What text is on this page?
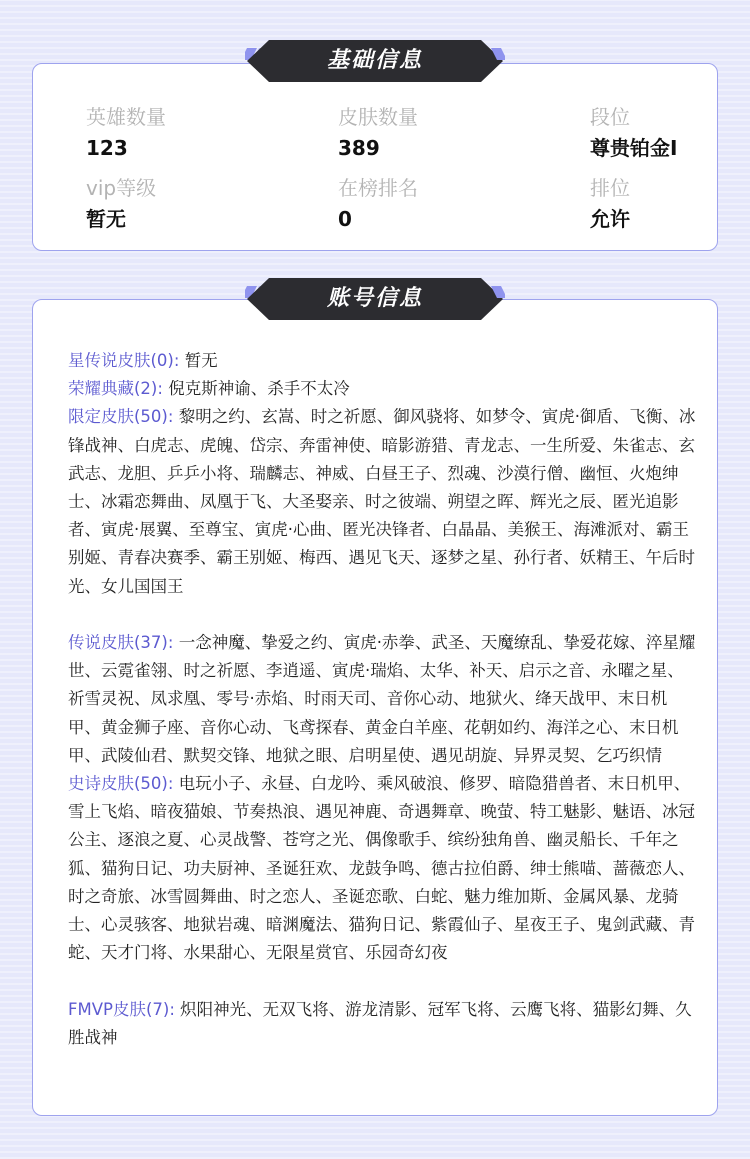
基础信息
英雄数量
123
皮肤数量
389
段位
尊贵铂金I
vip等级
暂无
在榜排名
0
排位
允许
账号信息
星传说皮肤(0): 暂无
荣耀典藏(2): 倪克斯神谕、杀手不太冷
限定皮肤(50): 黎明之约、玄嵩、时之祈愿、御风骁将、如梦令、寅虎·御盾、飞衡、冰锋战神、白虎志、虎魄、岱宗、奔雷神使、暗影游猎、青龙志、一生所爱、朱雀志、玄武志、龙胆、乒乒小将、瑞麟志、神威、白昼王子、烈魂、沙漠行僧、幽恒、火炮绅士、冰霜恋舞曲、凤凰于飞、大圣娶亲、时之彼端、朔望之晖、辉光之辰、匿光追影者、寅虎·展翼、至尊宝、寅虎·心曲、匿光决锋者、白晶晶、美猴王、海滩派对、霸王别姬、青春决赛季、霸王别姬、梅西、遇见飞天、逐梦之星、孙行者、妖精王、午后时光、女儿国国王
传说皮肤(37): 一念神魔、挚爱之约、寅虎·赤拳、武圣、天魔缭乱、挚爱花嫁、淬星耀世、云霓雀翎、时之祈愿、李逍遥、寅虎·瑞焰、太华、补天、启示之音、永曜之星、祈雪灵祝、凤求凰、零号·赤焰、时雨天司、音你心动、地狱火、绛天战甲、末日机甲、黄金狮子座、音你心动、飞鸢探春、黄金白羊座、花朝如约、海洋之心、末日机甲、武陵仙君、默契交锋、地狱之眼、启明星使、遇见胡旋、异界灵契、乞巧织情
史诗皮肤(50): 电玩小子、永昼、白龙吟、乘风破浪、修罗、暗隐猎兽者、末日机甲、雪上飞焰、暗夜猫娘、节奏热浪、遇见神鹿、奇遇舞章、晚萤、特工魅影、魅语、冰冠公主、逐浪之夏、心灵战警、苍穹之光、偶像歌手、缤纷独角兽、幽灵船长、千年之狐、猫狗日记、功夫厨神、圣诞狂欢、龙鼓争鸣、德古拉伯爵、绅士熊喵、蔷薇恋人、时之奇旅、冰雪圆舞曲、时之恋人、圣诞恋歌、白蛇、魅力维加斯、金属风暴、龙骑士、心灵骇客、地狱岩魂、暗渊魔法、猫狗日记、紫霞仙子、星夜王子、鬼剑武藏、青蛇、天才门将、水果甜心、无限星赏官、乐园奇幻夜
FMVP皮肤(7): 炽阳神光、无双飞将、游龙清影、冠军飞将、云鹰飞将、猫影幻舞、久胜战神
